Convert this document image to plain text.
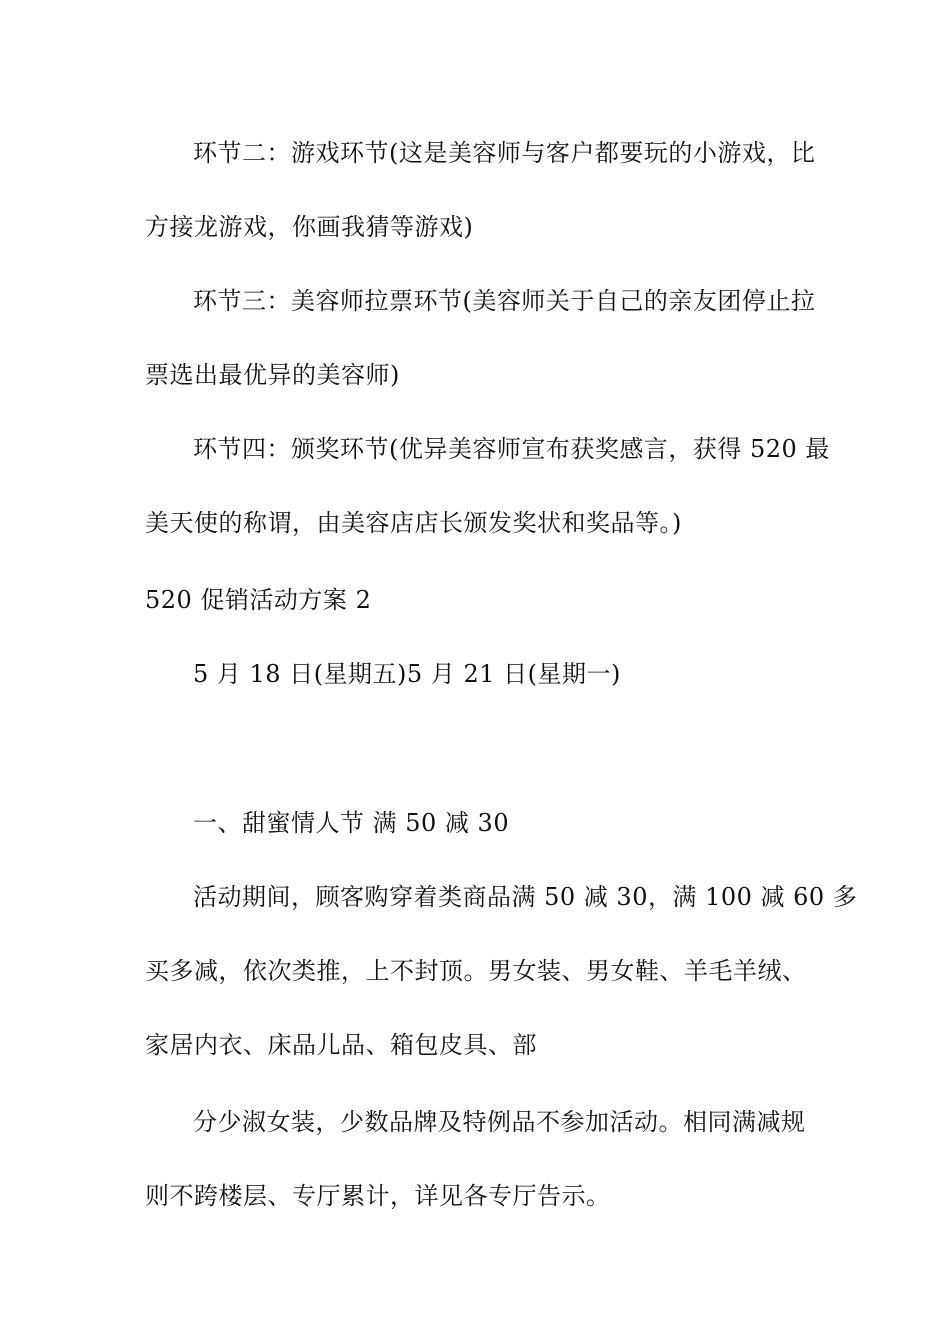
环节二：游戏环节(这是美容师与客户都要玩的小游戏，比
方接龙游戏，你画我猜等游戏)
环节三：美容师拉票环节(美容师关于自己的亲友团停止拉
票选出最优异的美容师)
环节四：颁奖环节(优异美容师宣布获奖感言，获得 520 最
美天使的称谓，由美容店店长颁发奖状和奖品等。)
520 促销活动方案 2
5 月 18 日(星期五)5 月 21 日(星期一)
一、甜蜜情人节 满 50 减 30
活动期间，顾客购穿着类商品满 50 减 30，满 100 减 60 多
买多减，依次类推，上不封顶。男女装、男女鞋、羊毛羊绒、
家居内衣、床品儿品、箱包皮具、部
分少淑女装，少数品牌及特例品不参加活动。相同满减规
则不跨楼层、专厅累计，详见各专厅告示。
